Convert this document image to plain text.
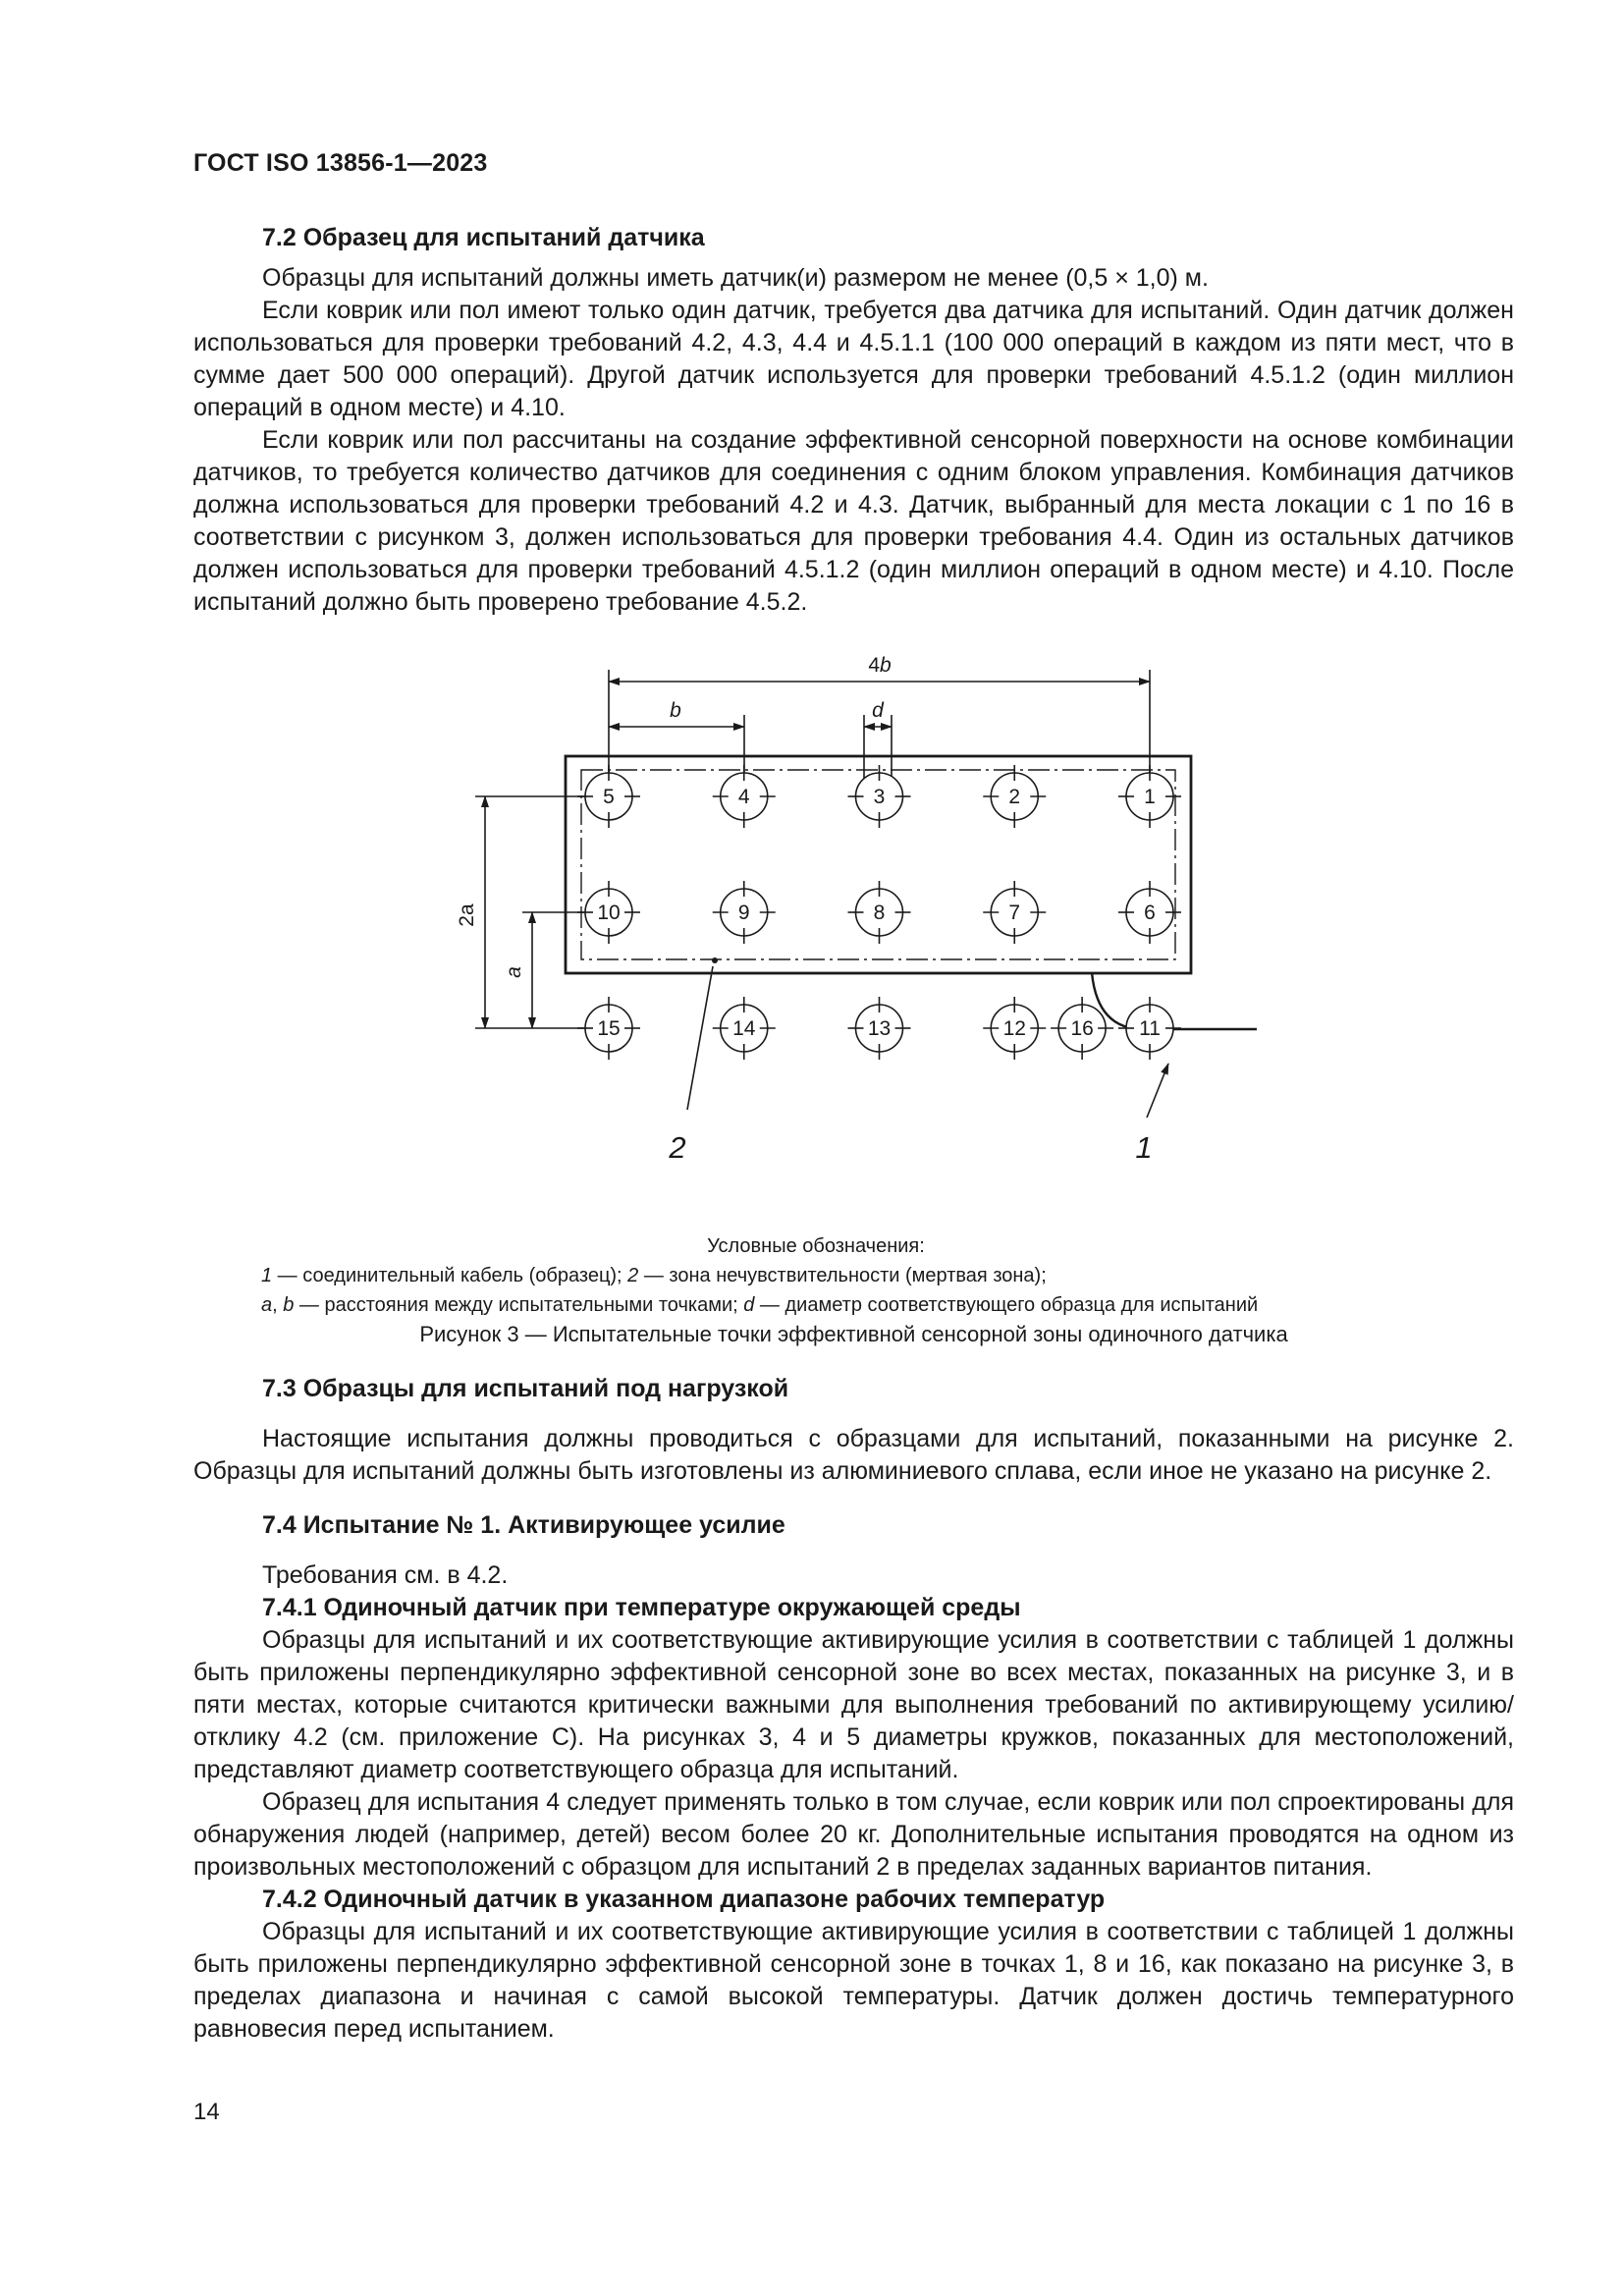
ГОСТ ISO 13856-1—2023
7.2 Образец для испытаний датчика

Образцы для испытаний должны иметь датчик(и) размером не менее (0,5 × 1,0) м.

Если коврик или пол имеют только один датчик, требуется два датчика для испытаний. Один датчик должен использоваться для проверки требований 4.2, 4.3, 4.4 и 4.5.1.1 (100 000 операций в каждом из пяти мест, что в сумме дает 500 000 операций). Другой датчик используется для проверки требований 4.5.1.2 (один миллион операций в одном месте) и 4.10.

Если коврик или пол рассчитаны на создание эффективной сенсорной поверхности на основе комбинации датчиков, то требуется количество датчиков для соединения с одним блоком управления. Комбинация датчиков должна использоваться для проверки требований 4.2 и 4.3. Датчик, выбранный для места локации с 1 по 16 в соответствии с рисунком 3, должен использоваться для проверки требования 4.4. Один из остальных датчиков должен использоваться для проверки требований 4.5.1.2 (один миллион операций в одном месте) и 4.10. После испытаний должно быть проверено требование 4.5.2.

5	4	3	2	1
10	9	8	7	6
15	14	13	12 16 11
4b
b	d
2a
a
2	1
Условные обозначения:
1 — соединительный кабель (образец); 2 — зона нечувствительности (мертвая зона);
a, b — расстояния между испытательными точками; d — диаметр соответствующего образца для испытаний
Рисунок 3 — Испытательные точки эффективной сенсорной зоны одиночного датчика
7.3 Образцы для испытаний под нагрузкой

Настоящие испытания должны проводиться с образцами для испытаний, показанными на рисунке 2. Образцы для испытаний должны быть изготовлены из алюминиевого сплава, если иное не указано на рисунке 2.

7.4 Испытание № 1. Активирующее усилие

Требования см. в 4.2.

7.4.1 Одиночный датчик при температуре окружающей среды

Образцы для испытаний и их соответствующие активирующие усилия в соответствии с таблицей 1 должны быть приложены перпендикулярно эффективной сенсорной зоне во всех местах, показанных на рисунке 3, и в пяти местах, которые считаются критически важными для выполнения требований по активирующему усилию/отклику 4.2 (см. приложение С). На рисунках 3, 4 и 5 диаметры кружков, показанных для местоположений, представляют диаметр соответствующего образца для испытаний.

Образец для испытания 4 следует применять только в том случае, если коврик или пол спроектированы для обнаружения людей (например, детей) весом более 20 кг. Дополнительные испытания проводятся на одном из произвольных местоположений с образцом для испытаний 2 в пределах заданных вариантов питания.

7.4.2 Одиночный датчик в указанном диапазоне рабочих температур

Образцы для испытаний и их соответствующие активирующие усилия в соответствии с таблицей 1 должны быть приложены перпендикулярно эффективной сенсорной зоне в точках 1, 8 и 16, как показано на рисунке 3, в пределах диапазона и начиная с самой высокой температуры. Датчик должен достичь температурного равновесия перед испытанием.

14
